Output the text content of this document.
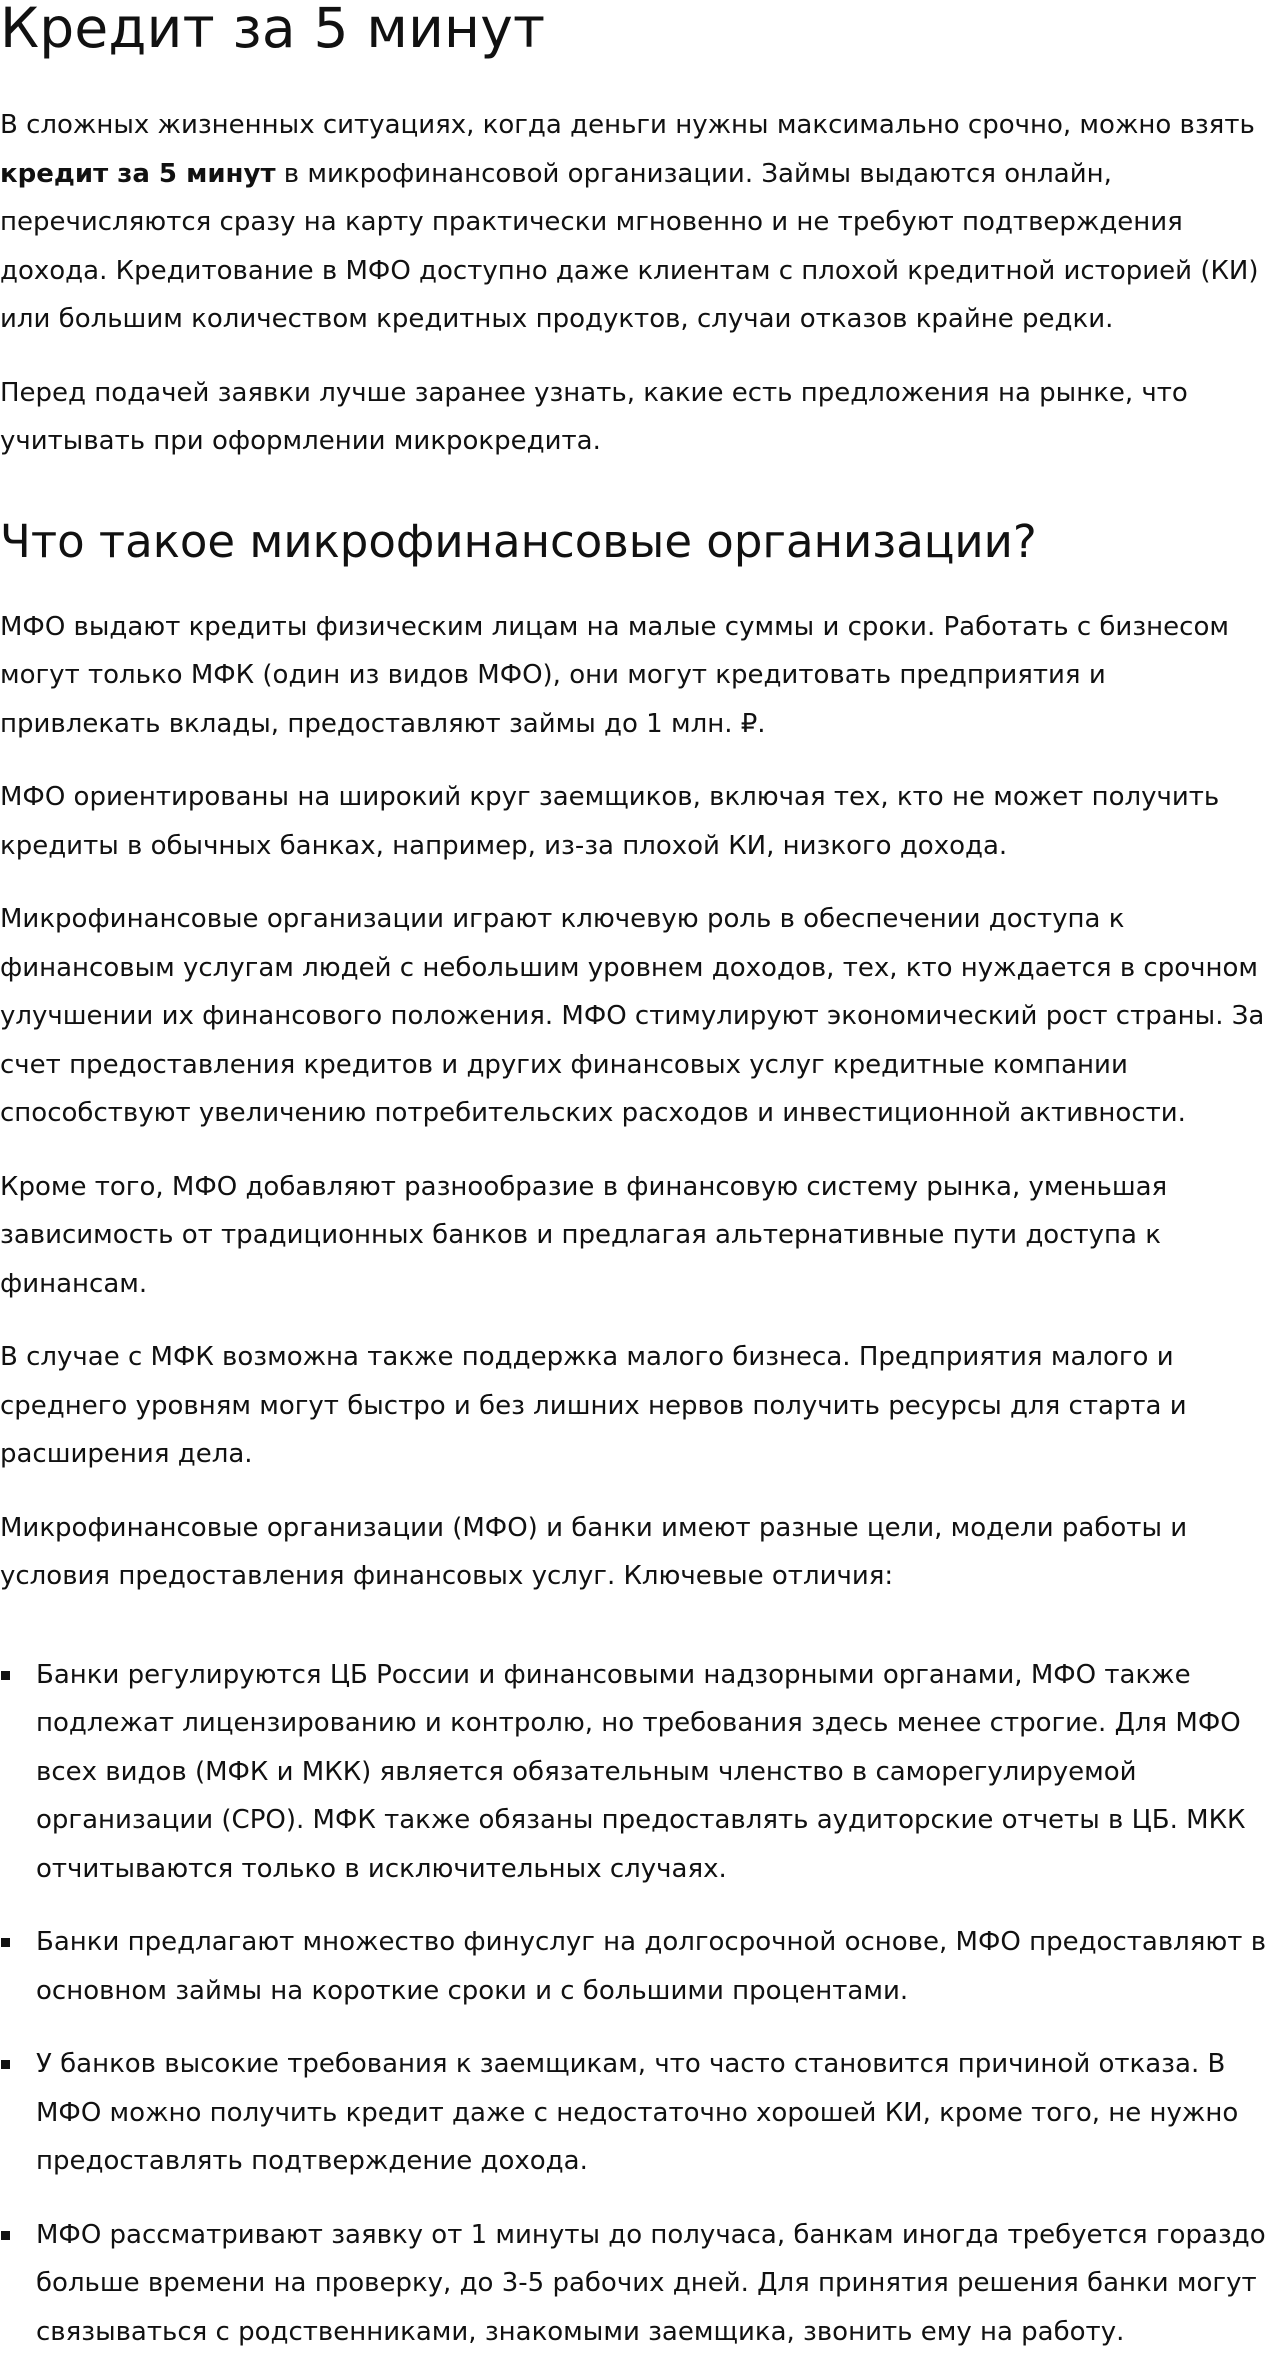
Кредит за 5 минут

В сложных жизненных ситуациях, когда деньги нужны максимально срочно, можно взять кредит за 5 минут в микрофинансовой организации. Займы выдаются онлайн, перечисляются сразу на карту практически мгновенно и не требуют подтверждения дохода. Кредитование в МФО доступно даже клиентам с плохой кредитной историей (КИ) или большим количеством кредитных продуктов, случаи отказов крайне редки.

Перед подачей заявки лучше заранее узнать, какие есть предложения на рынке, что учитывать при оформлении микрокредита.

Что такое микрофинансовые организации?

МФО выдают кредиты физическим лицам на малые суммы и сроки. Работать с бизнесом могут только МФК (один из видов МФО), они могут кредитовать предприятия и привлекать вклады, предоставляют займы до 1 млн. ₽.

МФО ориентированы на широкий круг заемщиков, включая тех, кто не может получить кредиты в обычных банках, например, из-за плохой КИ, низкого дохода.

Микрофинансовые организации играют ключевую роль в обеспечении доступа к финансовым услугам людей с небольшим уровнем доходов, тех, кто нуждается в срочном улучшении их финансового положения. МФО стимулируют экономический рост страны. За счет предоставления кредитов и других финансовых услуг кредитные компании способствуют увеличению потребительских расходов и инвестиционной активности.

Кроме того, МФО добавляют разнообразие в финансовую систему рынка, уменьшая зависимость от традиционных банков и предлагая альтернативные пути доступа к финансам.

В случае с МФК возможна также поддержка малого бизнеса. Предприятия малого и среднего уровням могут быстро и без лишних нервов получить ресурсы для старта и расширения дела.

Микрофинансовые организации (МФО) и банки имеют разные цели, модели работы и условия предоставления финансовых услуг. Ключевые отличия:

Банки регулируются ЦБ России и финансовыми надзорными органами, МФО также подлежат лицензированию и контролю, но требования здесь менее строгие. Для МФО всех видов (МФК и МКК) является обязательным членство в саморегулируемой организации (СРО). МФК также обязаны предоставлять аудиторские отчеты в ЦБ. МКК отчитываются только в исключительных случаях.
Банки предлагают множество финуслуг на долгосрочной основе, МФО предоставляют в основном займы на короткие сроки и с большими процентами.
У банков высокие требования к заемщикам, что часто становится причиной отказа. В МФО можно получить кредит даже с недостаточно хорошей КИ, кроме того, не нужно предоставлять подтверждение дохода.
МФО рассматривают заявку от 1 минуты до получаса, банкам иногда требуется гораздо больше времени на проверку, до 3-5 рабочих дней. Для принятия решения банки могут связываться с родственниками, знакомыми заемщика, звонить ему на работу.
